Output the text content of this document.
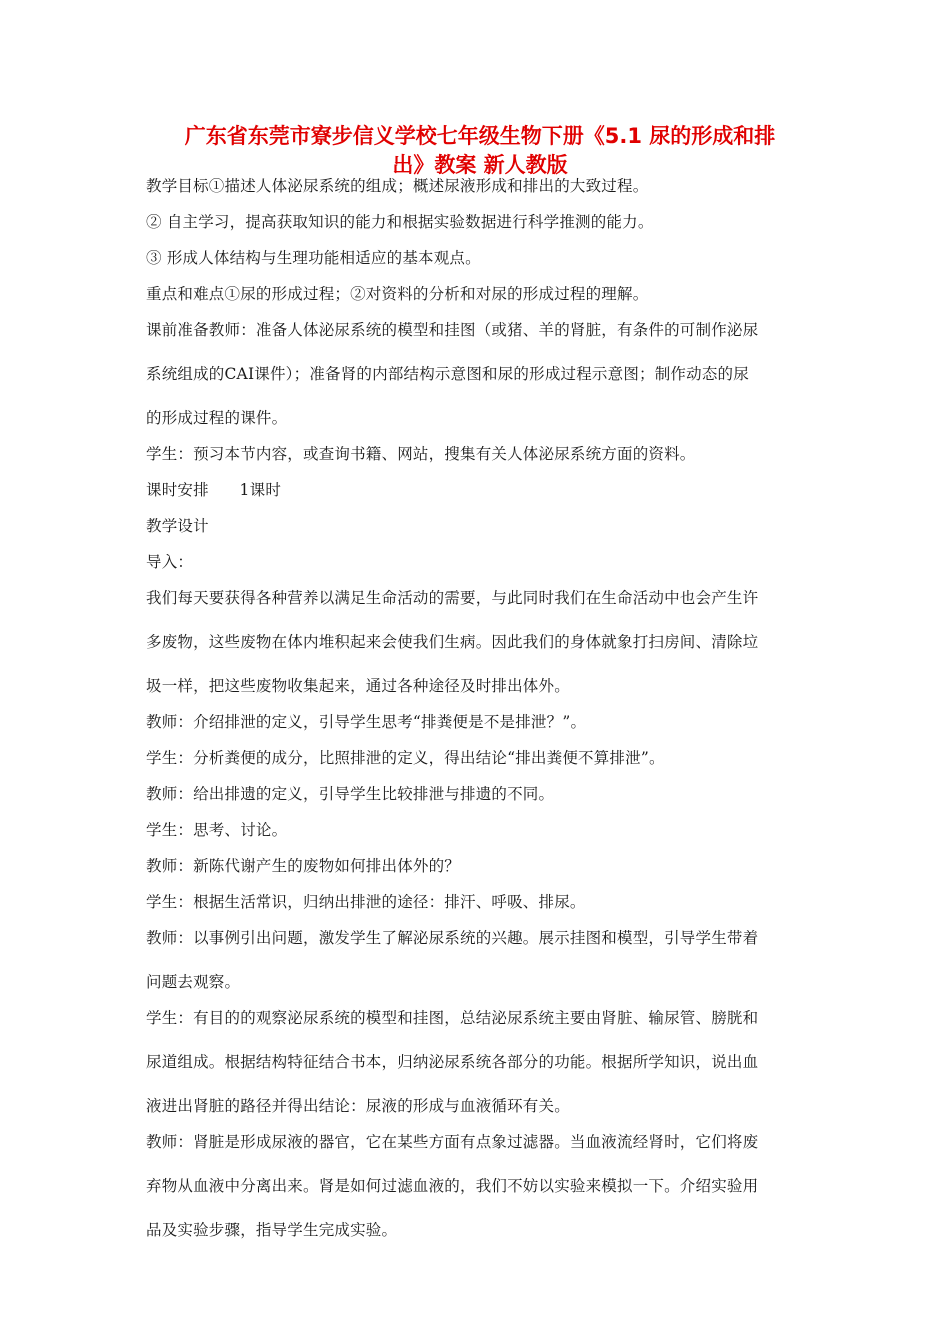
广东省东莞市寮步信义学校七年级生物下册《5.1 尿的形成和排
出》教案 新人教版

教学目标①描述人体泌尿系统的组成；概述尿液形成和排出的大致过程。

② 自主学习，提高获取知识的能力和根据实验数据进行科学推测的能力。

③ 形成人体结构与生理功能相适应的基本观点。

重点和难点①尿的形成过程；②对资料的分析和对尿的形成过程的理解。

课前准备教师：准备人体泌尿系统的模型和挂图（或猪、羊的肾脏，有条件的可制作泌尿

系统组成的CAI课件）；准备肾的内部结构示意图和尿的形成过程示意图；制作动态的尿

的形成过程的课件。

学生：预习本节内容，或查询书籍、网站，搜集有关人体泌尿系统方面的资料。

课时安排      1课时

教学设计

导入：

我们每天要获得各种营养以满足生命活动的需要，与此同时我们在生命活动中也会产生许

多废物，这些废物在体内堆积起来会使我们生病。因此我们的身体就象打扫房间、清除垃

圾一样，把这些废物收集起来，通过各种途径及时排出体外。

教师：介绍排泄的定义，引导学生思考“排粪便是不是排泄？”。

学生：分析粪便的成分，比照排泄的定义，得出结论“排出粪便不算排泄”。

教师：给出排遗的定义，引导学生比较排泄与排遗的不同。

学生：思考、讨论。

教师：新陈代谢产生的废物如何排出体外的？

学生：根据生活常识，归纳出排泄的途径：排汗、呼吸、排尿。

教师：以事例引出问题，激发学生了解泌尿系统的兴趣。展示挂图和模型，引导学生带着

问题去观察。

学生：有目的的观察泌尿系统的模型和挂图，总结泌尿系统主要由肾脏、输尿管、膀胱和

尿道组成。根据结构特征结合书本，归纳泌尿系统各部分的功能。根据所学知识，说出血

液进出肾脏的路径并得出结论：尿液的形成与血液循环有关。

教师：肾脏是形成尿液的器官，它在某些方面有点象过滤器。当血液流经肾时，它们将废

弃物从血液中分离出来。肾是如何过滤血液的，我们不妨以实验来模拟一下。介绍实验用

品及实验步骤，指导学生完成实验。
